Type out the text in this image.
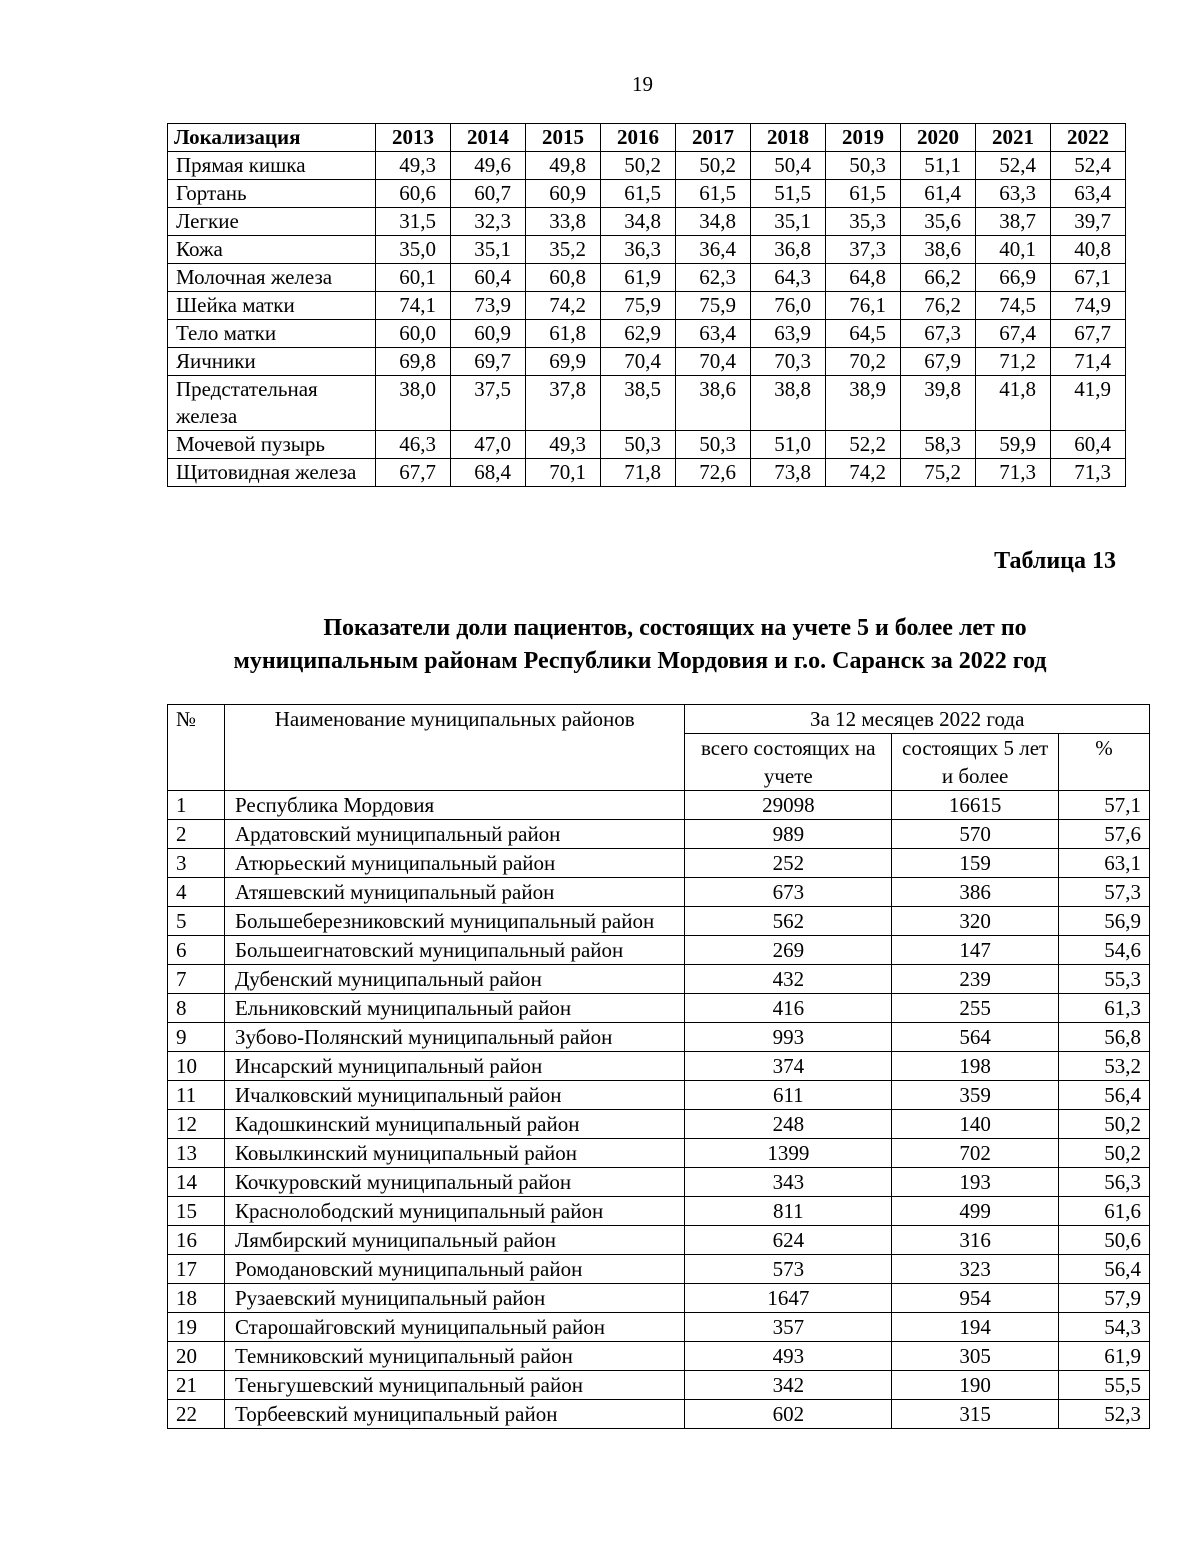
19
Локализация	2013	2014	2015	2016	2017	2018	2019	2020	2021	2022
Прямая кишка	49,3	49,6	49,8	50,2	50,2	50,4	50,3	51,1	52,4	52,4
Гортань	60,6	60,7	60,9	61,5	61,5	51,5	61,5	61,4	63,3	63,4
Легкие	31,5	32,3	33,8	34,8	34,8	35,1	35,3	35,6	38,7	39,7
Кожа	35,0	35,1	35,2	36,3	36,4	36,8	37,3	38,6	40,1	40,8
Молочная железа	60,1	60,4	60,8	61,9	62,3	64,3	64,8	66,2	66,9	67,1
Шейка матки	74,1	73,9	74,2	75,9	75,9	76,0	76,1	76,2	74,5	74,9
Тело матки	60,0	60,9	61,8	62,9	63,4	63,9	64,5	67,3	67,4	67,7
Яичники	69,8	69,7	69,9	70,4	70,4	70,3	70,2	67,9	71,2	71,4
Предстательная железа	38,0	37,5	37,8	38,5	38,6	38,8	38,9	39,8	41,8	41,9
Мочевой пузырь	46,3	47,0	49,3	50,3	50,3	51,0	52,2	58,3	59,9	60,4
Щитовидная железа	67,7	68,4	70,1	71,8	72,6	73,8	74,2	75,2	71,3	71,3
Таблица 13
Показатели доли пациентов, состоящих на учете 5 и более лет по
муниципальным районам Республики Мордовия и г.о. Саранск за 2022 год
№	Наименование муниципальных районов	За 12 месяцев 2022 года		
		всего состоящих на учете	состоящих 5 лет и более	%
1	Республика Мордовия	29098	16615	57,1
2	Ардатовский муниципальный район	989	570	57,6
3	Атюрьеский муниципальный район	252	159	63,1
4	Атяшевский муниципальный район	673	386	57,3
5	Большеберезниковский муниципальный район	562	320	56,9
6	Большеигнатовский муниципальный район	269	147	54,6
7	Дубенский муниципальный район	432	239	55,3
8	Ельниковский муниципальный район	416	255	61,3
9	Зубово-Полянский муниципальный район	993	564	56,8
10	Инсарский муниципальный район	374	198	53,2
11	Ичалковский муниципальный район	611	359	56,4
12	Кадошкинский муниципальный район	248	140	50,2
13	Ковылкинский муниципальный район	1399	702	50,2
14	Кочкуровский муниципальный район	343	193	56,3
15	Краснолободский муниципальный район	811	499	61,6
16	Лямбирский муниципальный район	624	316	50,6
17	Ромодановский муниципальный район	573	323	56,4
18	Рузаевский муниципальный район	1647	954	57,9
19	Старошайговский муниципальный район	357	194	54,3
20	Темниковский муниципальный район	493	305	61,9
21	Теньгушевский муниципальный район	342	190	55,5
22	Торбеевский муниципальный район	602	315	52,3
